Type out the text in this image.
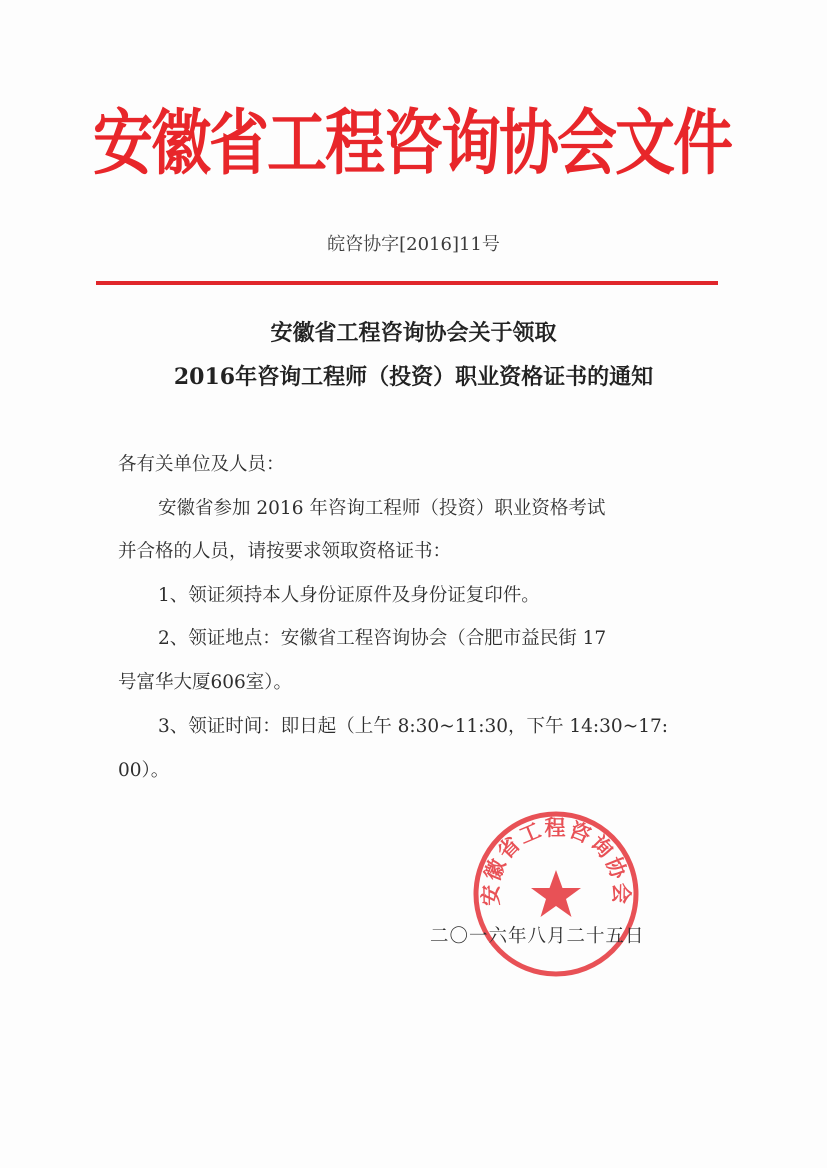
安徽省工程咨询协会文件
皖咨协字[2016]11号
安徽省工程咨询协会关于领取
2016年咨询工程师（投资）职业资格证书的通知
各有关单位及人员：
安徽省参加 2016 年咨询工程师（投资）职业资格考试
并合格的人员，请按要求领取资格证书：
1、领证须持本人身份证原件及身份证复印件。
2、领证地点：安徽省工程咨询协会（合肥市益民街 17
号富华大厦606室）。
3、领证时间：即日起（上午 8:30~11:30，下午 14:30~17:
00）。
安徽省工程咨询协会
二〇一六年八月二十五日
